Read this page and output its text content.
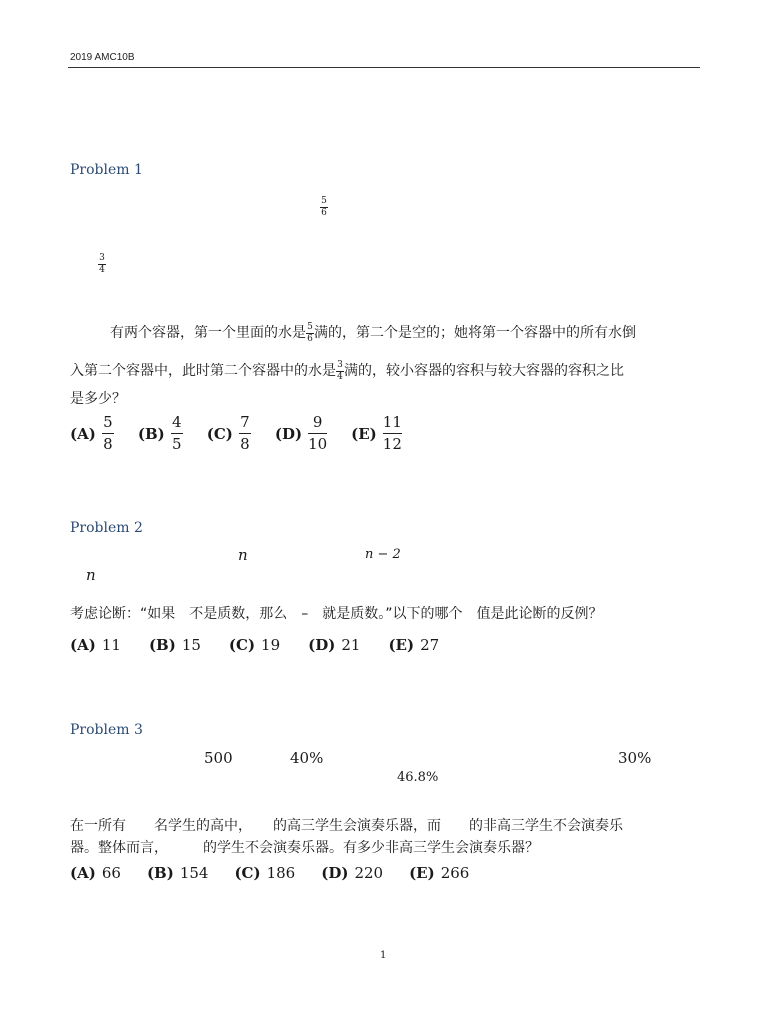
2019 AMC10B
Problem 1
5
6
3
4
有两个容器，第一个里面的水是 $\frac{5}{6}$ 满的，第二个是空的；她将第一个容器中的所有水倒
入第二个容器中，此时第二个容器中的水是 $\frac{3}{4}$ 满的，较小容器的容积与较大容器的容积之比
是多少？
$(A) \frac{5}{8} (B) \frac{4}{5} (C) \frac{7}{8} (D) \frac{9}{10} (E) \frac{11}{12}$
Problem 2
n	n − 2
n
考虑论断：“如果　不是质数，那么　–　就是质数。”以下的哪个　值是此论断的反例？
(A) 11 (B) 15 (C) 19 (D) 21 (E) 27
Problem 3
500	40%	30%
46.8%
在一所有　　名学生的高中，　　的高三学生会演奏乐器，而　　的非高三学生不会演奏乐
器。整体而言，　　　的学生不会演奏乐器。有多少非高三学生会演奏乐器？
(A) 66 (B) 154 (C) 186 (D) 220 (E) 266
1
